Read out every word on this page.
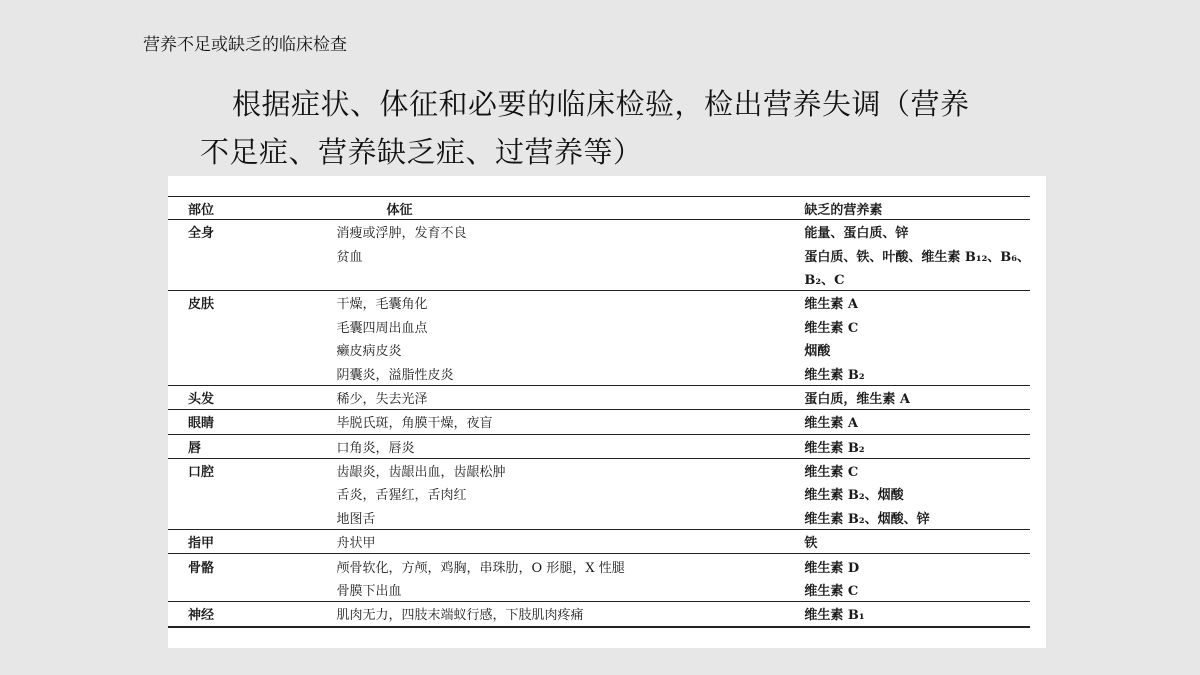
营养不足或缺乏的临床检查
根据症状、体征和必要的临床检验，检出营养失调（营养
不足症、营养缺乏症、过营养等）
部位	体征	缺乏的营养素
全身	消瘦或浮肿，发育不良	能量、蛋白质、锌
	贫血	蛋白质、铁、叶酸、维生素 B₁₂、B₆、
		B₂、C
皮肤	干燥，毛囊角化	维生素 A
	毛囊四周出血点	维生素 C
	癞皮病皮炎	烟酸
	阴囊炎，溢脂性皮炎	维生素 B₂
头发	稀少，失去光泽	蛋白质，维生素 A
眼睛	毕脱氏斑，角膜干燥，夜盲	维生素 A
唇	口角炎，唇炎	维生素 B₂
口腔	齿龈炎，齿龈出血，齿龈松肿	维生素 C
	舌炎，舌猩红，舌肉红	维生素 B₂、烟酸
	地图舌	维生素 B₂、烟酸、锌
指甲	舟状甲	铁
骨骼	颅骨软化，方颅，鸡胸，串珠肋，O 形腿，X 性腿	维生素 D
	骨膜下出血	维生素 C
神经	肌肉无力，四肢末端蚁行感，下肢肌肉疼痛	维生素 B₁
